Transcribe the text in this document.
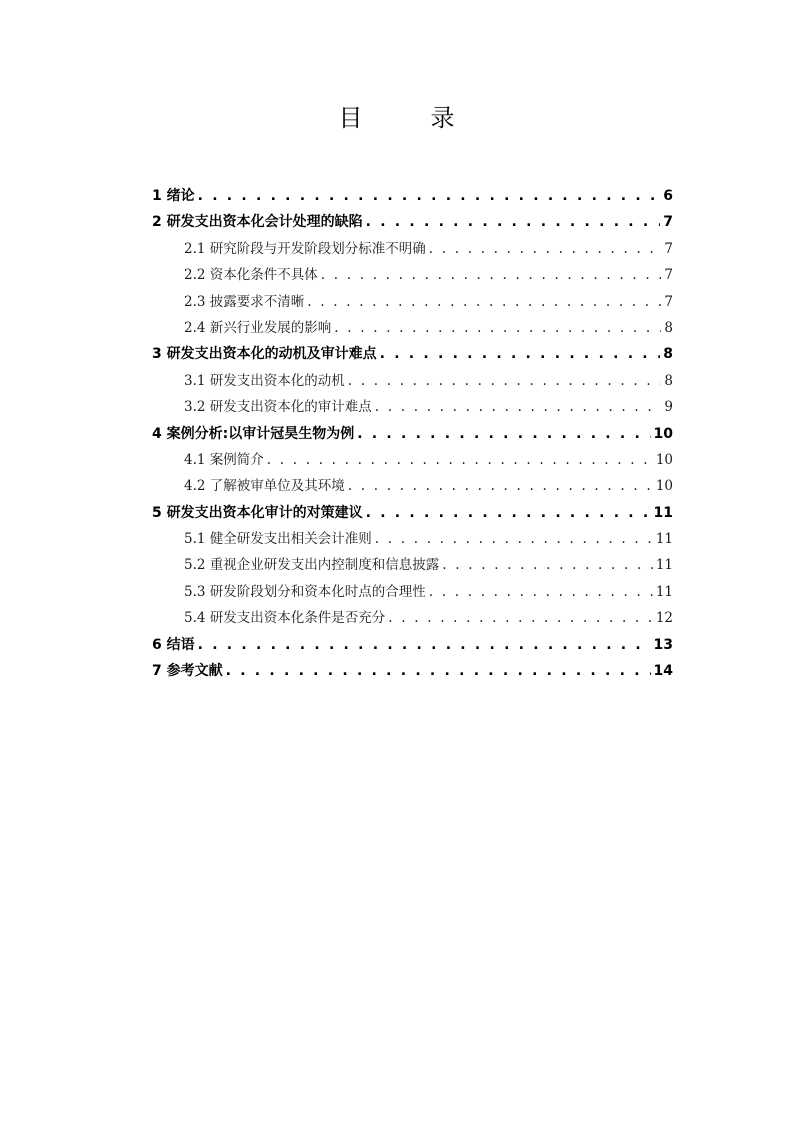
目　录
1 绪论 . . .	6
2 研发支出资本化会计处理的缺陷 . . .	7
2.1 研究阶段与开发阶段划分标准不明确 . . .	7
2.2 资本化条件不具体 . . .	7
2.3 披露要求不清晰 . . .	7
2.4 新兴行业发展的影响 . . .	8
3 研发支出资本化的动机及审计难点 . . .	8
3.1 研发支出资本化的动机 . . .	8
3.2 研发支出资本化的审计难点 . . .	9
4 案例分析:以审计冠昊生物为例 . . .	10
4.1 案例简介 . . .	10
4.2 了解被审单位及其环境 . . .	10
5 研发支出资本化审计的对策建议 . . .	11
5.1 健全研发支出相关会计准则 . . .	11
5.2 重视企业研发支出内控制度和信息披露 . . .	11
5.3 研发阶段划分和资本化时点的合理性 . . .	11
5.4 研发支出资本化条件是否充分 . . .	12
6 结语 . . .	13
7 参考文献 . . .	14
